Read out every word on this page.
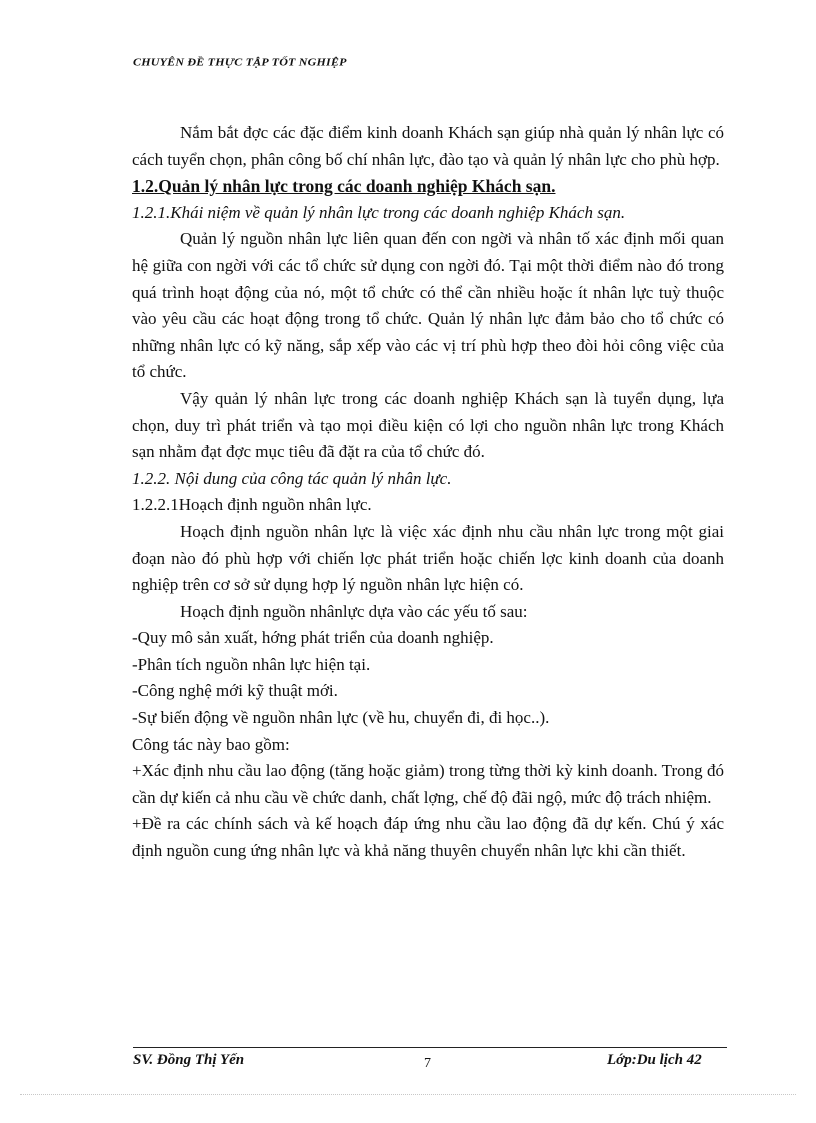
CHUYÊN ĐỀ THỰC TẬP TỐT NGHIỆP

Nắm bắt đợc các đặc điểm kinh doanh Khách sạn giúp nhà quản lý nhân lực có cách tuyển chọn, phân công bố chí nhân lực, đào tạo và quản lý nhân lực cho phù hợp.

1.2.Quản lý nhân lực trong các doanh nghiệp Khách sạn.

1.2.1.Khái niệm về quản lý nhân lực trong các doanh nghiệp Khách sạn.

Quản lý nguồn nhân lực liên quan đến con ngời và nhân tố xác định mối quan hệ giữa con ngời với các tổ chức sử dụng con ngời đó. Tại một thời điểm nào đó trong quá trình hoạt động của nó, một tổ chức có thể cần nhiều hoặc ít nhân lực tuỳ thuộc vào yêu cầu các hoạt động trong tổ chức. Quản lý nhân lực đảm bảo cho tổ chức có những nhân lực có kỹ năng, sắp xếp vào các vị trí phù hợp theo đòi hỏi công việc của tổ chức.

Vậy quản lý nhân lực trong các doanh nghiệp Khách sạn là tuyển dụng, lựa chọn, duy trì phát triển và tạo mọi điều kiện có lợi cho nguồn nhân lực trong Khách sạn nhằm đạt đợc mục tiêu đã đặt ra của tổ chức đó.

1.2.2. Nội dung của công tác quản lý nhân lực.

1.2.2.1Hoạch định nguồn nhân lực.

Hoạch định nguồn nhân lực là việc xác định nhu cầu nhân lực trong một giai đoạn nào đó phù hợp với chiến lợc phát triển hoặc chiến lợc kinh doanh của doanh nghiệp trên cơ sở sử dụng hợp lý nguồn nhân lực hiện có.

Hoạch định nguồn nhânlực dựa vào các yếu tố sau:

-Quy mô sản xuất, hớng phát triển của doanh nghiệp.

-Phân tích nguồn nhân lực hiện tại.

-Công nghệ mới kỹ thuật mới.

-Sự biến động về nguồn nhân lực (về hu, chuyển đi, đi học..).

Công tác này bao gồm:

+Xác định nhu cầu lao động (tăng hoặc giảm) trong từng thời kỳ kinh doanh. Trong đó cần dự kiến cả nhu cầu về chức danh, chất lợng, chế độ đãi ngộ, mức độ trách nhiệm.

+Đề ra các chính sách và kế hoạch đáp ứng nhu cầu lao động đã dự kến. Chú ý xác định nguồn cung ứng nhân lực và khả năng thuyên chuyển nhân lực khi cần thiết.

SV. Đồng Thị Yến	7	Lớp:Du lịch 42
